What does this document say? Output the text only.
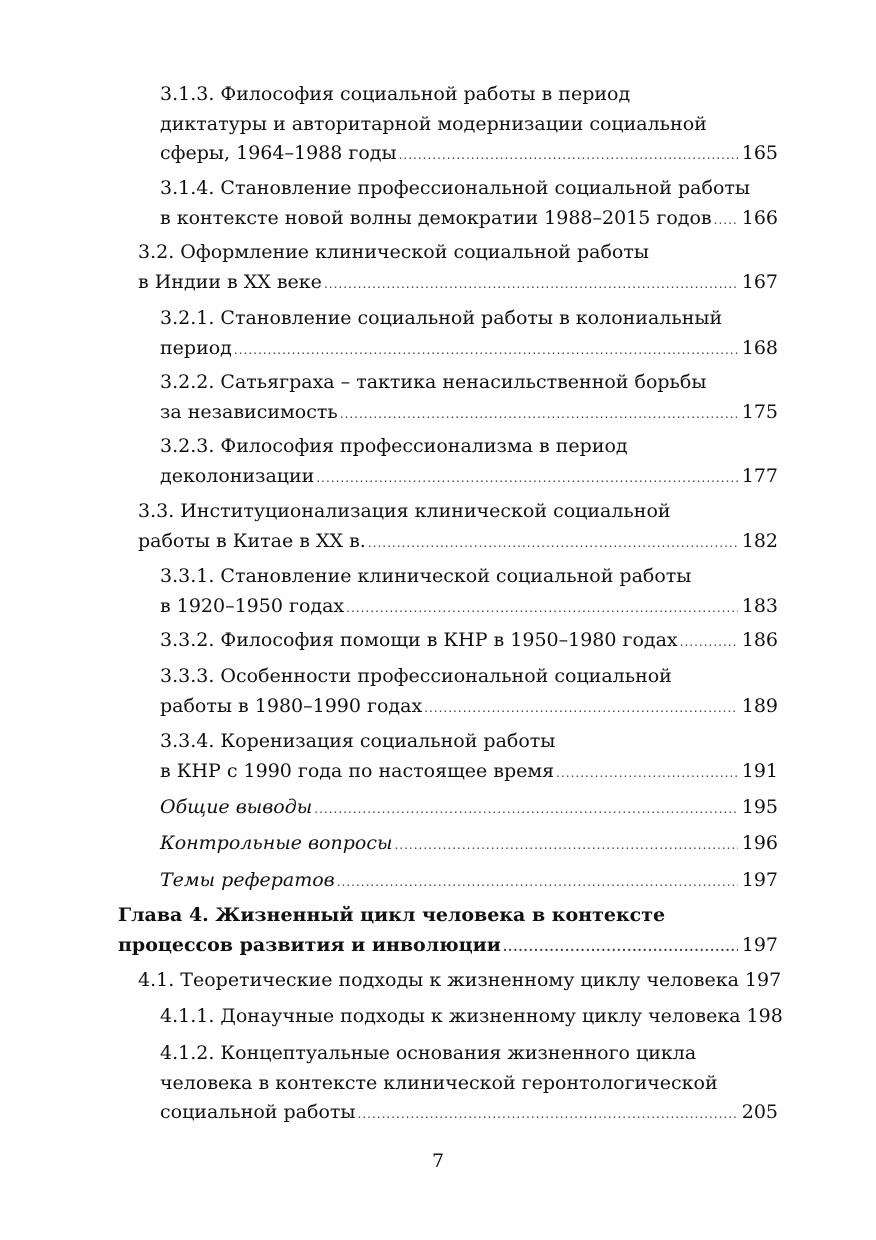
3.1.3. Философия социальной работы в период
диктатуры и авторитарной модернизации социальной
сферы, 1964–1988 годы .....	165
3.1.4. Становление профессиональной социальной работы
в контексте новой волны демократии 1988–2015 годов ..... 166
3.2. Оформление клинической социальной работы
в Индии в XX веке .....	167
3.2.1. Становление социальной работы в колониальный
период .....	168
3.2.2. Сатьяграха – тактика ненасильственной борьбы
за независимость .....	175
3.2.3. Философия профессионализма в период
деколонизации .....	177
3.3. Институционализация клинической социальной
работы в Китае в XX в. .....	182
3.3.1. Становление клинической социальной работы
в 1920–1950 годах .....	183
3.3.2. Философия помощи в КНР в 1950–1980 годах .....	186
3.3.3. Особенности профессиональной социальной
работы в 1980–1990 годах .....	189
3.3.4. Коренизация социальной работы
в КНР с 1990 года по настоящее время .....	191
Общие выводы .....	195
Контрольные вопросы .....	196
Темы рефератов .....	197
Глава 4. Жизненный цикл человека в контексте
процессов развития и инволюции .....	197
4.1. Теоретические подходы к жизненному циклу человека 197
4.1.1. Донаучные подходы к жизненному циклу человека 198
4.1.2. Концептуальные основания жизненного цикла
человека в контексте клинической геронтологической
социальной работы .....	205
7
